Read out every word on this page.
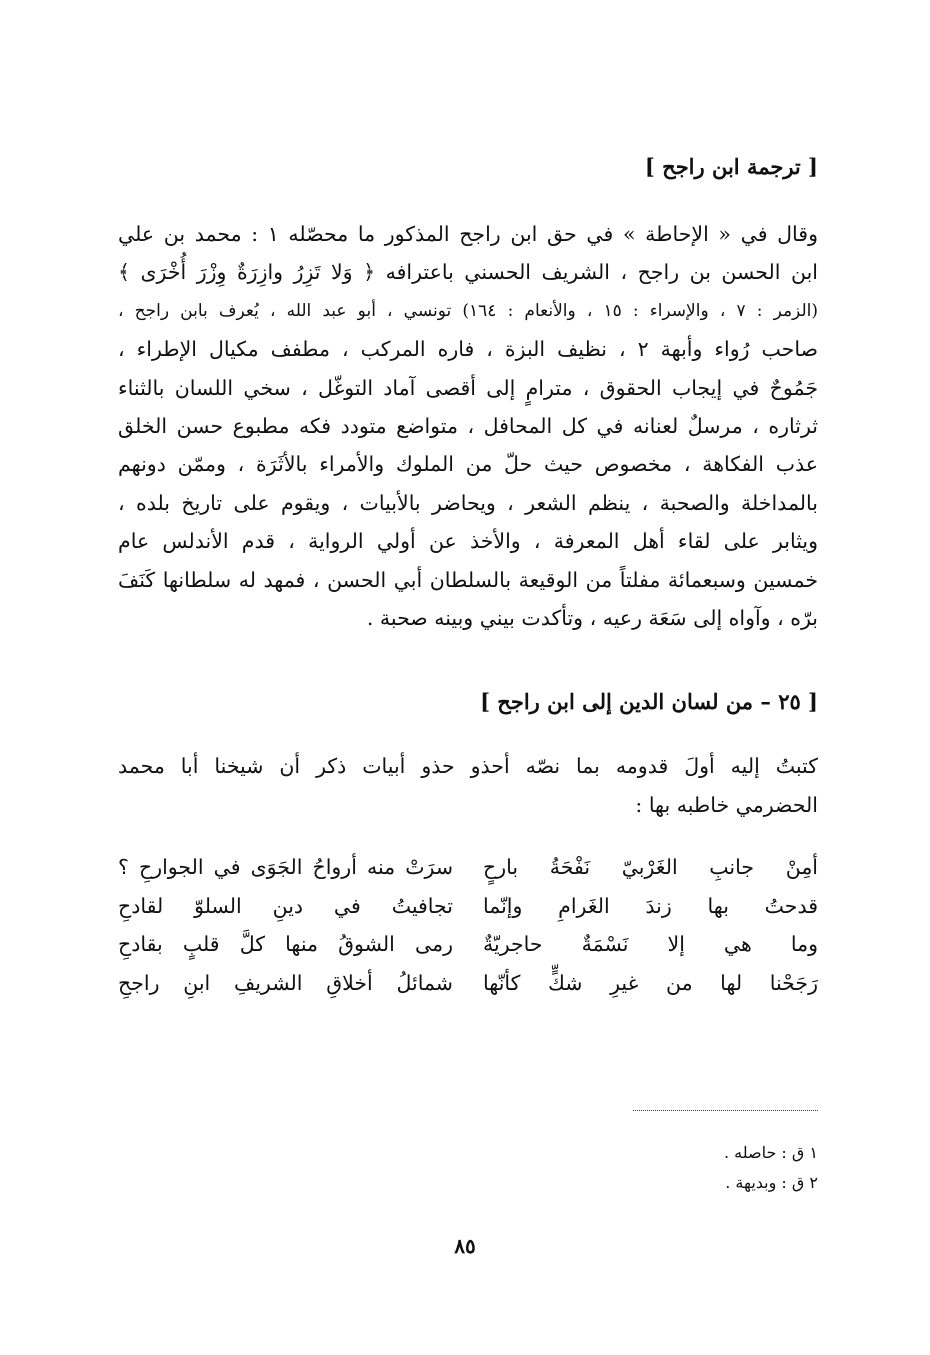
[ ترجمة ابن راجح ]

وقال في « الإحاطة » في حق ابن راجح المذكور ما محصّله ١ : محمد بن علي
ابن الحسن بن راجح ، الشريف الحسني باعترافه ﴿ وَلا تَزِرُ وازِرَةٌ وِزْرَ أُخْرَى ﴾
(الزمر : ٧ ، والإسراء : ١٥ ، والأنعام : ١٦٤) تونسي ، أبو عبد الله ، يُعرف بابن راجح ،
صاحب رُواء وأبهة ٢ ، نظيف البزة ، فاره المركب ، مطفف مكيال الإطراء ،
جَمُوحٌ في إيجاب الحقوق ، مترامٍ إلى أقصى آماد التوغّل ، سخي اللسان بالثناء
ثرثاره ، مرسلٌ لعنانه في كل المحافل ، متواضع متودد فكه مطبوع حسن الخلق
عذب الفكاهة ، مخصوص حيث حلّ من الملوك والأمراء بالأثَرَة ، وممّن دونهم
بالمداخلة والصحبة ، ينظم الشعر ، ويحاضر بالأبيات ، ويقوم على تاريخ بلده ،
ويثابر على لقاء أهل المعرفة ، والأخذ عن أولي الرواية ، قدم الأندلس عام
خمسين وسبعمائة مفلتاً من الوقيعة بالسلطان أبي الحسن ، فمهد له سلطانها كَنَفَ
برّه ، وآواه إلى سَعَة رعيه ، وتأكدت بيني وبينه صحبة .

[ ٢٥ – من لسان الدين إلى ابن راجح ]

كتبتُ إليه أولَ قدومه بما نصّه أحذو حذو أبيات ذكر أن شيخنا أبا محمد
الحضرمي خاطبه بها :

أمِنْ جانبِ الغَرْبيّ نَفْحَةُ بارحٍ
سرَتْ منه أرواحُ الجَوَى في الجوارحِ ؟
قدحتُ بها زندَ الغَرامِ وإنّما
تجافيتُ في دينِ السلوّ لقادحِ
وما هي إلا نَسْمَةٌ حاجريّةٌ
رمى الشوقُ منها كلَّ قلبٍ بقادحِ
رَجَحْنا لها من غيرِ شكٍّ كأنّها
شمائلُ أخلاقِ الشريفِ ابنِ راجحِ
١ ق : حاصله .
٢ ق : وبديهة .
٨٥
